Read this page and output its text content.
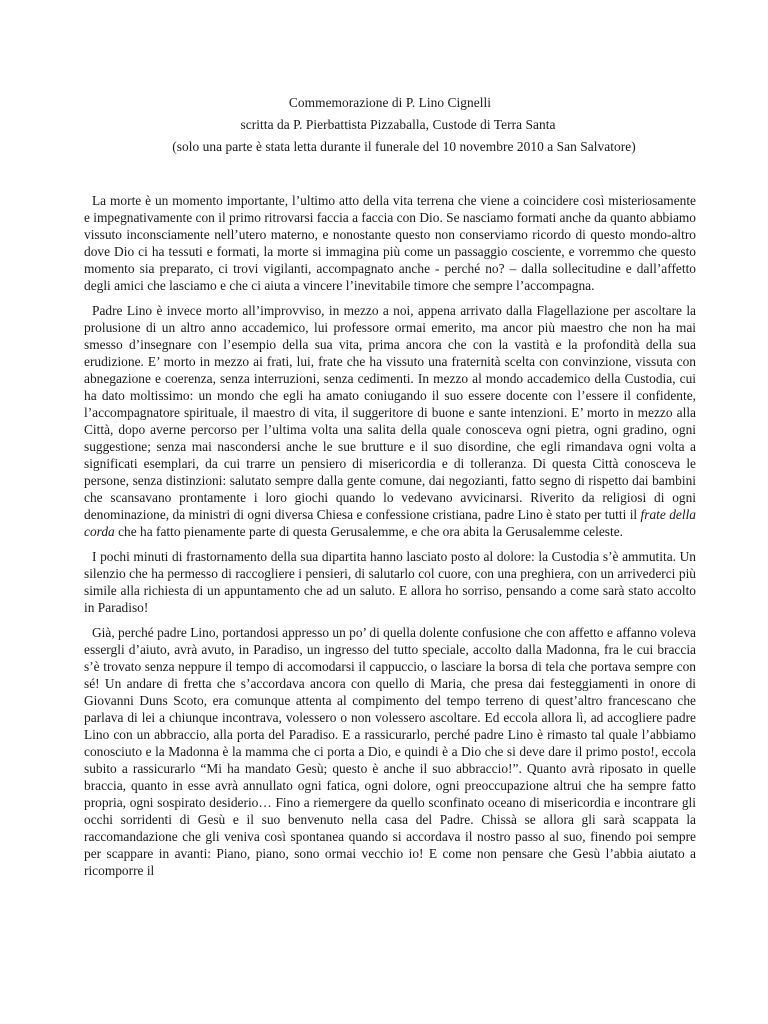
Commemorazione di P. Lino Cignelli
scritta da P. Pierbattista Pizzaballa, Custode di Terra Santa
(solo una parte è stata letta durante il funerale del 10 novembre 2010 a San Salvatore)

La morte è un momento importante, l’ultimo atto della vita terrena che viene a coincidere così misteriosamente e impegnativamente con il primo ritrovarsi faccia a faccia con Dio. Se nasciamo formati anche da quanto abbiamo vissuto inconsciamente nell’utero materno, e nonostante questo non conserviamo ricordo di questo mondo-altro dove Dio ci ha tessuti e formati, la morte si immagina più come un passaggio cosciente, e vorremmo che questo momento sia preparato, ci trovi vigilanti, accompagnato anche - perché no? – dalla sollecitudine e dall’affetto degli amici che lasciamo e che ci aiuta a vincere l’inevitabile timore che sempre l’accompagna.

Padre Lino è invece morto all’improvviso, in mezzo a noi, appena arrivato dalla Flagellazione per ascoltare la prolusione di un altro anno accademico, lui professore ormai emerito, ma ancor più maestro che non ha mai smesso d’insegnare con l’esempio della sua vita, prima ancora che con la vastità e la profondità della sua erudizione. E’ morto in mezzo ai frati, lui, frate che ha vissuto una fraternità scelta con convinzione, vissuta con abnegazione e coerenza, senza interruzioni, senza cedimenti. In mezzo al mondo accademico della Custodia, cui ha dato moltissimo: un mondo che egli ha amato coniugando il suo essere docente con l’essere il confidente, l’accompagnatore spirituale, il maestro di vita, il suggeritore di buone e sante intenzioni. E’ morto in mezzo alla Città, dopo averne percorso per l’ultima volta una salita della quale conosceva ogni pietra, ogni gradino, ogni suggestione; senza mai nascondersi anche le sue brutture e il suo disordine, che egli rimandava ogni volta a significati esemplari, da cui trarre un pensiero di misericordia e di tolleranza. Di questa Città conosceva le persone, senza distinzioni: salutato sempre dalla gente comune, dai negozianti, fatto segno di rispetto dai bambini che scansavano prontamente i loro giochi quando lo vedevano avvicinarsi. Riverito da religiosi di ogni denominazione, da ministri di ogni diversa Chiesa e confessione cristiana, padre Lino è stato per tutti il frate della corda che ha fatto pienamente parte di questa Gerusalemme, e che ora abita la Gerusalemme celeste.

I pochi minuti di frastornamento della sua dipartita hanno lasciato posto al dolore: la Custodia s’è ammutita. Un silenzio che ha permesso di raccogliere i pensieri, di salutarlo col cuore, con una preghiera, con un arrivederci più simile alla richiesta di un appuntamento che ad un saluto. E allora ho sorriso, pensando a come sarà stato accolto in Paradiso!

Già, perché padre Lino, portandosi appresso un po’ di quella dolente confusione che con affetto e affanno voleva essergli d’aiuto, avrà avuto, in Paradiso, un ingresso del tutto speciale, accolto dalla Madonna, fra le cui braccia s’è trovato senza neppure il tempo di accomodarsi il cappuccio, o lasciare la borsa di tela che portava sempre con sé! Un andare di fretta che s’accordava ancora con quello di Maria, che presa dai festeggiamenti in onore di Giovanni Duns Scoto, era comunque attenta al compimento del tempo terreno di quest’altro francescano che parlava di lei a chiunque incontrava, volessero o non volessero ascoltare. Ed eccola allora lì, ad accogliere padre Lino con un abbraccio, alla porta del Paradiso. E a rassicurarlo, perché padre Lino è rimasto tal quale l’abbiamo conosciuto e la Madonna è la mamma che ci porta a Dio, e quindi è a Dio che si deve dare il primo posto!, eccola subito a rassicurarlo “Mi ha mandato Gesù; questo è anche il suo abbraccio!”. Quanto avrà riposato in quelle braccia, quanto in esse avrà annullato ogni fatica, ogni dolore, ogni preoccupazione altrui che ha sempre fatto propria, ogni sospirato desiderio… Fino a riemergere da quello sconfinato oceano di misericordia e incontrare gli occhi sorridenti di Gesù e il suo benvenuto nella casa del Padre. Chissà se allora gli sarà scappata la raccomandazione che gli veniva così spontanea quando si accordava il nostro passo al suo, finendo poi sempre per scappare in avanti: Piano, piano, sono ormai vecchio io! E come non pensare che Gesù l’abbia aiutato a ricomporre il
